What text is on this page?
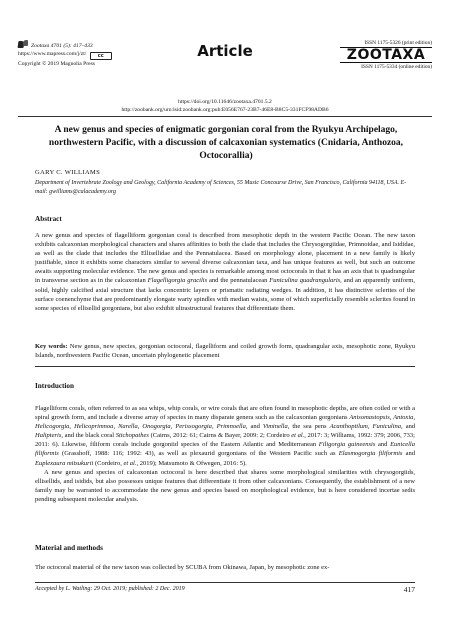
Zootaxa 4701 (5): 417–433
https://www.mapress.com/j/zt/ cc
Copyright © 2019 Magnolia Press
Article	ISSN 1175-5326 (print edition)
ZOOTAXA
ISSN 1175-5334 (online edition)
https://doi.org/10.11646/zootaxa.4701.5.2
http://zoobank.org/urn:lsid:zoobank.org:pub:E056E767-23B7-46E8-B8C5-331FCF98ADB6
A new genus and species of enigmatic gorgonian coral from the Ryukyu Archipelago, northwestern Pacific, with a discussion of calcaxonian systematics (Cnidaria, Anthozoa, Octocorallia)
GARY C. WILLIAMS
Department of Invertebrate Zoology and Geology, California Academy of Sciences, 55 Music Concourse Drive, San Francisco, California 94118, USA. E-mail: gwilliams@calacademy.org
Abstract
A new genus and species of flagelliform gorgonian coral is described from mesophotic depth in the western Pacific Ocean. The new taxon exhibits calcaxonian morphological characters and shares affinities to both the clade that includes the Chrysogorgiidae, Primnoidae, and Isididae, as well as the clade that includes the Ellisellidae and the Pennatulacea. Based on morphology alone, placement in a new family is likely justifiable, since it exhibits some characters similar to several diverse calcaxonian taxa, and has unique features as well, but such an outcome awaits supporting molecular evidence. The new genus and species is remarkable among most octocorals in that it has an axis that is quadrangular in transverse section as in the calcaxonian Flagelligorgia gracilis and the pennatulacean Funiculina quadrangularis, and an apparently uniform, solid, highly calcified axial structure that lacks concentric layers or prismatic radiating wedges. In addition, it has distinctive sclerites of the surface coenenchyme that are predominantly elongate warty spindles with median waists, some of which superficially resemble sclerites found in some species of ellisellid gorgonians, but also exhibit ultrastructural features that differentiate them.
Key words: New genus, new species, gorgonian octocoral, flagelliform and coiled growth form, quadrangular axis, mesophotic zone, Ryukyu Islands, northwestern Pacific Ocean, uncertain phylogenetic placement
Introduction
Flagelliform corals, often referred to as sea whips, whip corals, or wire corals that are often found in mesophotic depths, are often coiled or with a spiral growth form, and include a diverse array of species in many disparate genera such as the calcaxonian gorgonians Anisomastopsis, Antoxia, Helicogorgia, Helicoprimnoa, Narella, Onogorgia, Perissogorgia, Primnoella, and Viminella, the sea pens Acanthoptilum, Funiculina, and Halipteris, and the black coral Stichopathes (Cairns, 2012: 61; Cairns & Bayer, 2009: 2; Cordeiro et al., 2017: 3; Williams, 1992: 379; 2006, 733; 2011: 6). Likewise, filiform corals include gorgoniid species of the Eastern Atlantic and Mediterranean Filigorgia guineensis and Eunicella filiformis (Grasshoff, 1988: 116; 1992: 43), as well as plexaurid gorgonians of the Western Pacific such as Elasmogorgia filiformis and Euplexaura mitsukurii (Cordeiro, et al., 2019); Matsumoto & Ofwegen, 2016: 5).
A new genus and species of calcaxonian octocoral is here described that shares some morphological similarities with chrysogorgiids, ellisellids, and isidids, but also possesses unique features that differentiate it from other calcaxonians. Consequently, the establishment of a new family may be warranted to accommodate the new genus and species based on morphological evidence, but is here considered incertae sedis pending subsequent molecular analysis.
Material and methods
The octocoral material of the new taxon was collected by SCUBA from Okinawa, Japan, by mesophotic zone ex-
Accepted by L. Watling: 29 Oct. 2019; published: 2 Dec. 2019	417
